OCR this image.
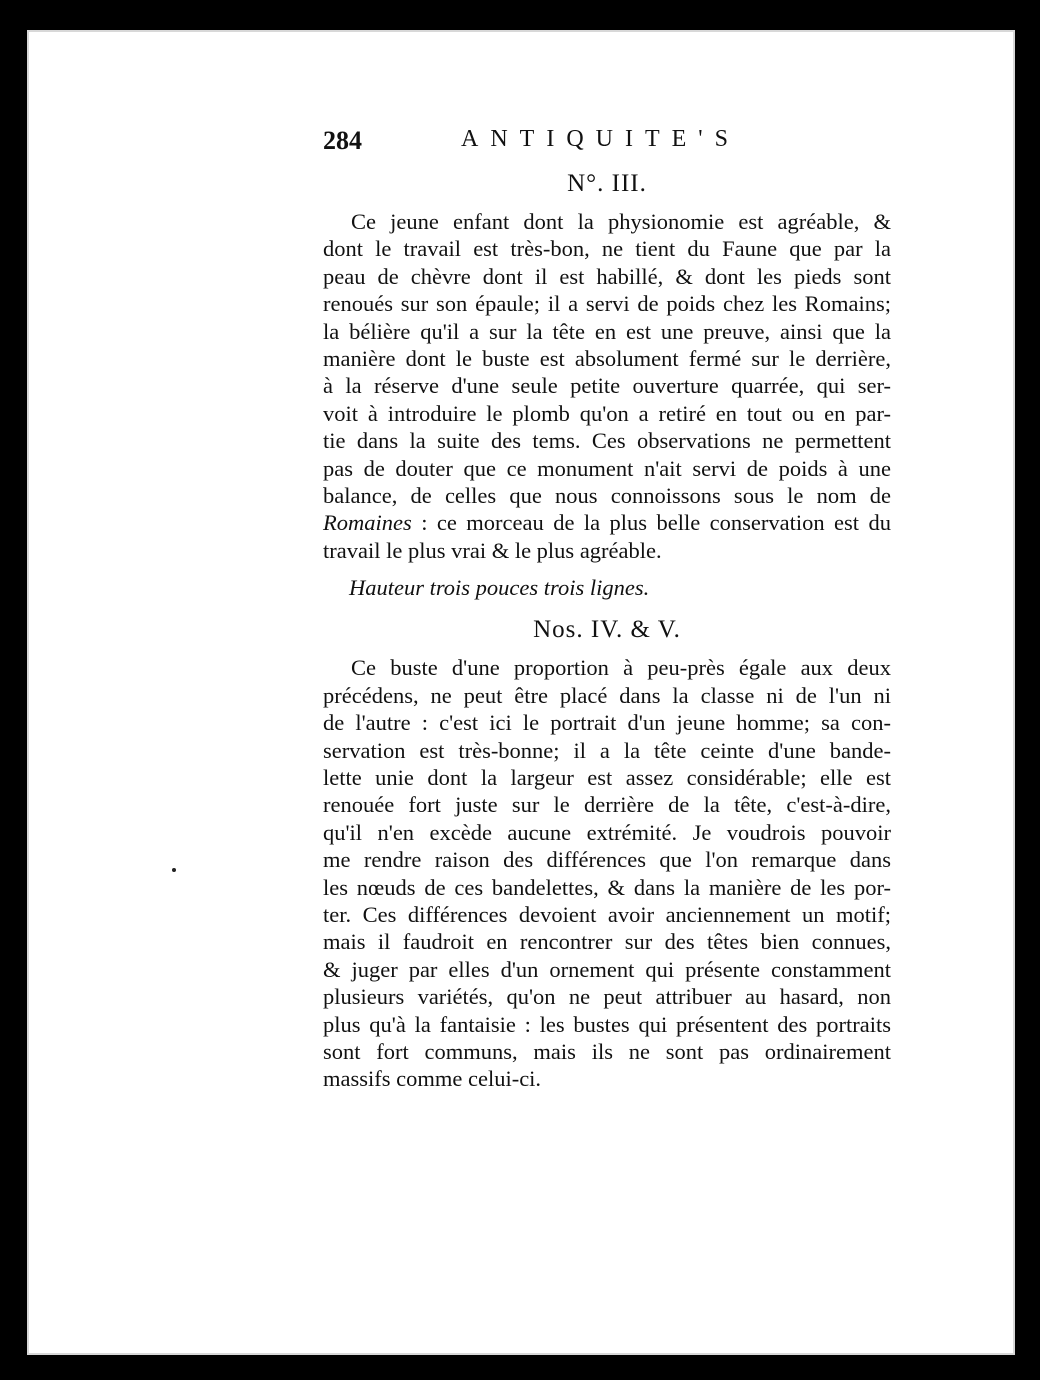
284	ANTIQUITE'S
N°. III.
Ce jeune enfant dont la physionomie est agréable, &
dont le travail est très-bon, ne tient du Faune que par la
peau de chèvre dont il est habillé, & dont les pieds sont
renoués sur son épaule; il a servi de poids chez les Romains;
la bélière qu'il a sur la tête en est une preuve, ainsi que la
manière dont le buste est absolument fermé sur le derrière,
à la réserve d'une seule petite ouverture quarrée, qui ser-
voit à introduire le plomb qu'on a retiré en tout ou en par-
tie dans la suite des tems. Ces observations ne permettent
pas de douter que ce monument n'ait servi de poids à une
balance, de celles que nous connoissons sous le nom de
Romaines : ce morceau de la plus belle conservation est du
travail le plus vrai & le plus agréable.
Hauteur trois pouces trois lignes.
Nos. IV. & V.
Ce buste d'une proportion à peu-près égale aux deux
précédens, ne peut être placé dans la classe ni de l'un ni
de l'autre : c'est ici le portrait d'un jeune homme; sa con-
servation est très-bonne; il a la tête ceinte d'une bande-
lette unie dont la largeur est assez considérable; elle est
renouée fort juste sur le derrière de la tête, c'est-à-dire,
qu'il n'en excède aucune extrémité. Je voudrois pouvoir
me rendre raison des différences que l'on remarque dans
les nœuds de ces bandelettes, & dans la manière de les por-
ter. Ces différences devoient avoir anciennement un motif;
mais il faudroit en rencontrer sur des têtes bien connues,
& juger par elles d'un ornement qui présente constamment
plusieurs variétés, qu'on ne peut attribuer au hasard, non
plus qu'à la fantaisie : les bustes qui présentent des portraits
sont fort communs, mais ils ne sont pas ordinairement
massifs comme celui-ci.
